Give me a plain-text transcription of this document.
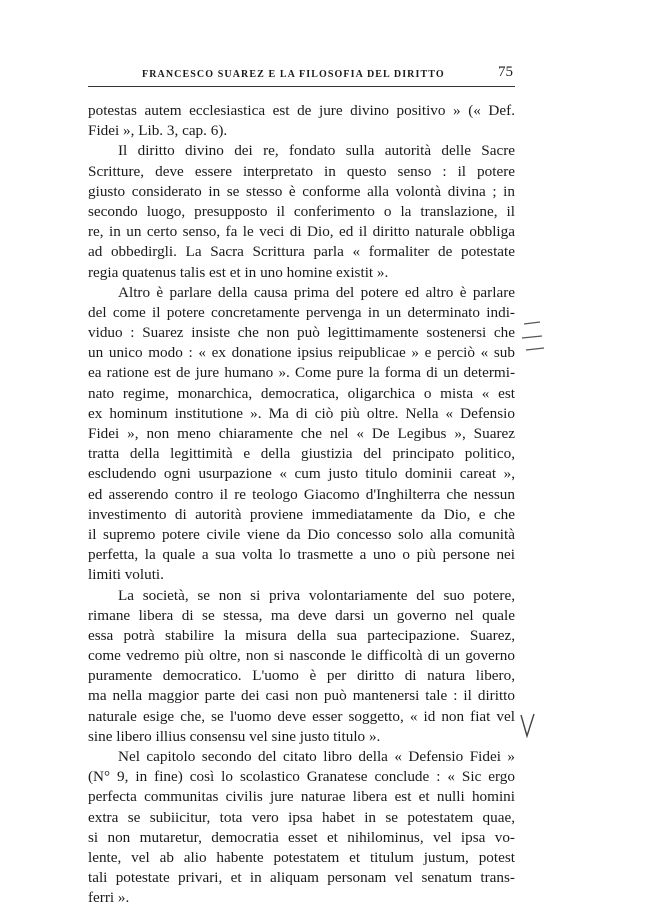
FRANCESCO SUAREZ E LA FILOSOFIA DEL DIRITTO	75
potestas autem ecclesiastica est de jure divino positivo » (« Def.
Fidei », Lib. 3, cap. 6).
Il diritto divino dei re, fondato sulla autorità delle Sacre
Scritture, deve essere interpretato in questo senso : il potere
giusto considerato in se stesso è conforme alla volontà divina ; in
secondo luogo, presupposto il conferimento o la translazione, il
re, in un certo senso, fa le veci di Dio, ed il diritto naturale obbliga
ad obbedirgli. La Sacra Scrittura parla « formaliter de potestate
regia quatenus talis est et in uno homine existit ».
Altro è parlare della causa prima del potere ed altro è parlare
del come il potere concretamente pervenga in un determinato indi-
viduo : Suarez insiste che non può legittimamente sostenersi che
un unico modo : « ex donatione ipsius reipublicae » e perciò « sub
ea ratione est de jure humano ». Come pure la forma di un determi-
nato regime, monarchica, democratica, oligarchica o mista « est
ex hominum institutione ». Ma di ciò più oltre. Nella « Defensio
Fidei », non meno chiaramente che nel « De Legibus », Suarez
tratta della legittimità e della giustizia del principato politico,
escludendo ogni usurpazione « cum justo titulo dominii careat »,
ed asserendo contro il re teologo Giacomo d'Inghilterra che nessun
investimento di autorità proviene immediatamente da Dio, e che
il supremo potere civile viene da Dio concesso solo alla comunità
perfetta, la quale a sua volta lo trasmette a uno o più persone nei
limiti voluti.
La società, se non si priva volontariamente del suo potere,
rimane libera di se stessa, ma deve darsi un governo nel quale
essa potrà stabilire la misura della sua partecipazione. Suarez,
come vedremo più oltre, non si nasconde le difficoltà di un governo
puramente democratico. L'uomo è per diritto di natura libero,
ma nella maggior parte dei casi non può mantenersi tale : il diritto
naturale esige che, se l'uomo deve esser soggetto, « id non fiat vel
sine libero illius consensu vel sine justo titulo ».
Nel capitolo secondo del citato libro della « Defensio Fidei »
(N° 9, in fine) così lo scolastico Granatese conclude : « Sic ergo
perfecta communitas civilis jure naturae libera est et nulli homini
extra se subiicitur, tota vero ipsa habet in se potestatem quae,
si non mutaretur, democratia esset et nihilominus, vel ipsa vo-
lente, vel ab alio habente potestatem et titulum justum, potest
tali potestate privari, et in aliquam personam vel senatum trans-
ferri ».
